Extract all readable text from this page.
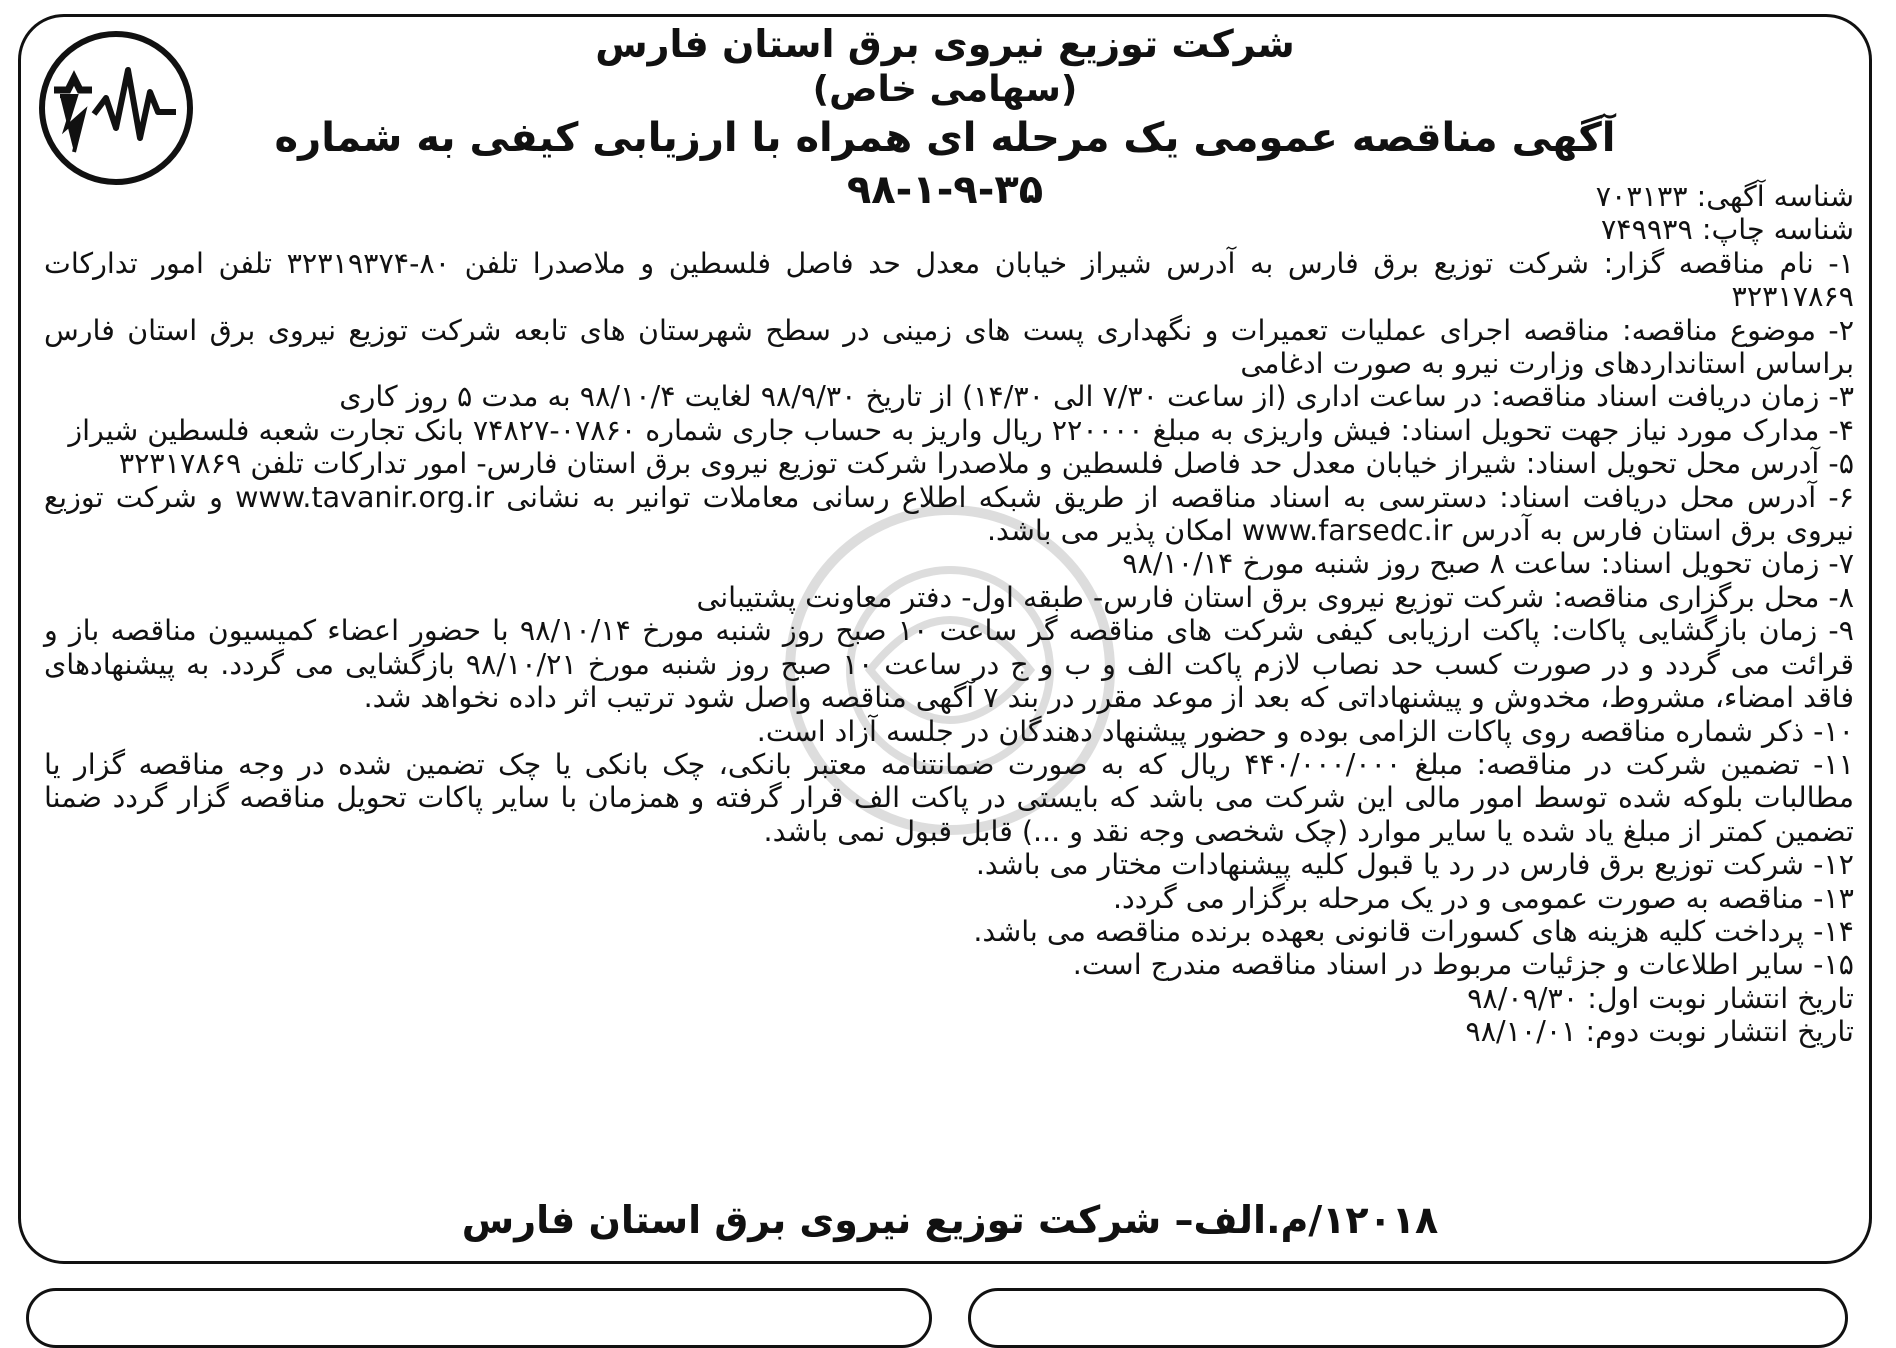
شرکت توزیع نیروی برق استان فارس
(سهامی خاص)
آگهی مناقصه عمومی یک مرحله ای همراه با ارزیابی کیفی به شماره ۳۵-۹-۱-۹۸	شناسه آگهی: ۷۰۳۱۳۳

شناسه چاپ: ۷۴۹۹۳۹

۱- نام مناقصه گزار: شرکت توزیع برق فارس به آدرس شیراز خیابان معدل حد فاصل فلسطین و ملاصدرا تلفن ۸۰-۳۲۳۱۹۳۷۴ تلفن امور تدارکات ۳۲۳۱۷۸۶۹

۲- موضوع مناقصه: مناقصه اجرای عملیات تعمیرات و نگهداری پست های زمینی در سطح شهرستان های تابعه شرکت توزیع نیروی برق استان فارس براساس استانداردهای وزارت نیرو به صورت ادغامی

۳- زمان دریافت اسناد مناقصه: در ساعت اداری (از ساعت ۷/۳۰ الی ۱۴/۳۰) از تاریخ ۹۸/۹/۳۰ لغایت ۹۸/۱۰/۴ به مدت ۵ روز کاری

۴- مدارک مورد نیاز جهت تحویل اسناد: فیش واریزی به مبلغ ۲۲۰۰۰۰ ریال واریز به حساب جاری شماره ۰۷۸۶۰-۷۴۸۲۷ بانک تجارت شعبه فلسطین شیراز

۵- آدرس محل تحویل اسناد: شیراز خیابان معدل حد فاصل فلسطین و ملاصدرا شرکت توزیع نیروی برق استان فارس- امور تدارکات تلفن ۳۲۳۱۷۸۶۹

۶- آدرس محل دریافت اسناد: دسترسی به اسناد مناقصه از طریق شبکه اطلاع رسانی معاملات توانیر به نشانی www.tavanir.org.ir و شرکت توزیع نیروی برق استان فارس به آدرس www.farsedc.ir امکان پذیر می باشد.

۷- زمان تحویل اسناد: ساعت ۸ صبح روز شنبه مورخ ۹۸/۱۰/۱۴

۸- محل برگزاری مناقصه: شرکت توزیع نیروی برق استان فارس- طبقه اول- دفتر معاونت پشتیبانی

۹- زمان بازگشایی پاکات: پاکت ارزیابی کیفی شرکت های مناقصه گر ساعت ۱۰ صبح روز شنبه مورخ ۹۸/۱۰/۱۴ با حضور اعضاء کمیسیون مناقصه باز و قرائت می گردد و در صورت کسب حد نصاب لازم پاکت الف و ب و ج در ساعت ۱۰ صبح روز شنبه مورخ ۹۸/۱۰/۲۱ بازگشایی می گردد. به پیشنهادهای فاقد امضاء، مشروط، مخدوش و پیشنهاداتی که بعد از موعد مقرر در بند ۷ آگهی مناقصه واصل شود ترتیب اثر داده نخواهد شد.

۱۰- ذکر شماره مناقصه روی پاکات الزامی بوده و حضور پیشنهاد دهندگان در جلسه آزاد است.

۱۱- تضمین شرکت در مناقصه: مبلغ ۴۴۰/۰۰۰/۰۰۰ ریال که به صورت ضمانتنامه معتبر بانکی، چک بانکی یا چک تضمین شده در وجه مناقصه گزار یا مطالبات بلوکه شده توسط امور مالی این شرکت می باشد که بایستی در پاکت الف قرار گرفته و همزمان با سایر پاکات تحویل مناقصه گزار گردد ضمنا تضمین کمتر از مبلغ یاد شده یا سایر موارد (چک شخصی وجه نقد و ...) قابل قبول نمی باشد.

۱۲- شرکت توزیع برق فارس در رد یا قبول کلیه پیشنهادات مختار می باشد.

۱۳- مناقصه به صورت عمومی و در یک مرحله برگزار می گردد.

۱۴- پرداخت کلیه هزینه های کسورات قانونی بعهده برنده مناقصه می باشد.

۱۵- سایر اطلاعات و جزئیات مربوط در اسناد مناقصه مندرج است.

تاریخ انتشار نوبت اول: ۹۸/۰۹/۳۰

تاریخ انتشار نوبت دوم: ۹۸/۱۰/۰۱

۱۲۰۱۸/م.الف– شرکت توزیع نیروی برق استان فارس
